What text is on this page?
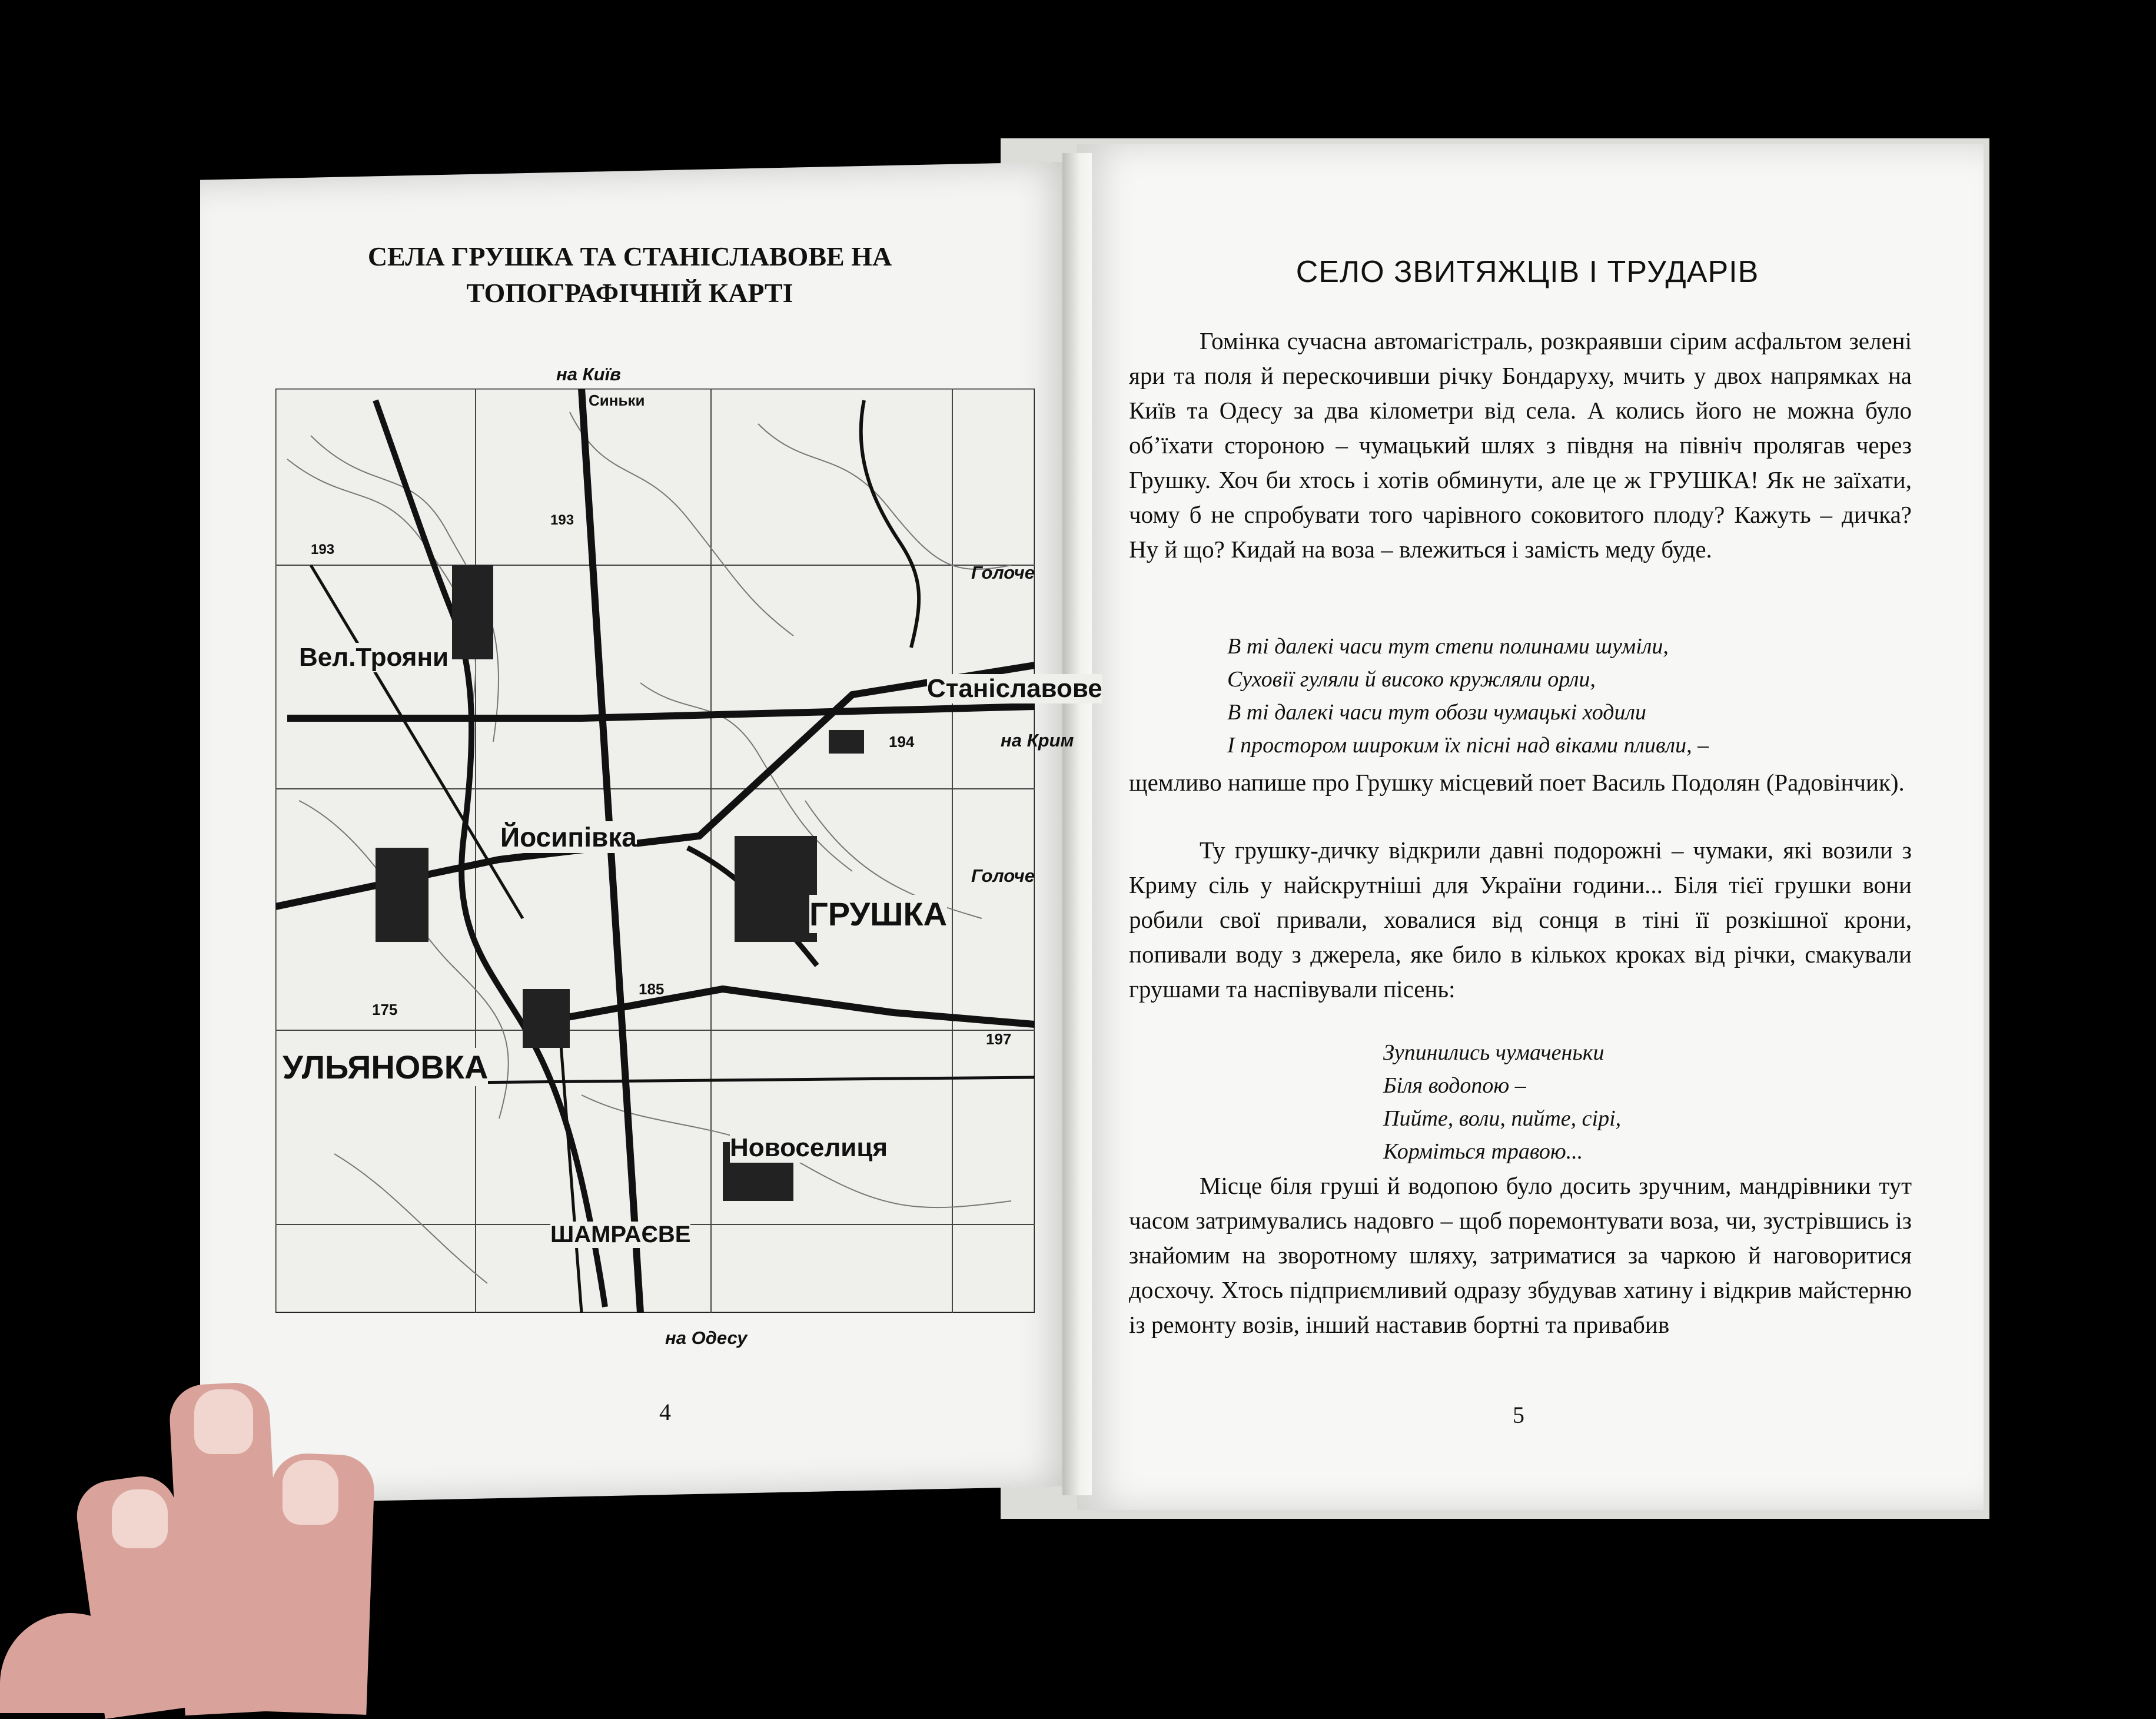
СЕЛА ГРУШКА ТА СТАНІСЛАВОВЕ НА ТОПОГРАФІЧНІЙ КАРТІ
на Київ
Синьки
Голоче
Вел.Трояни
Станіславове
на Крим
Йосипівка
Голоче
ГРУШКА
УЛЬЯНОВКА
Новоселиця
ШАМРАЄВЕ
193
193
194
185
175
197
на Одесу
4
СЕЛО ЗВИТЯЖЦІВ І ТРУДАРІВ
Гомінка сучасна автомагістраль, розкраявши сірим асфальтом зелені яри та поля й перескочивши річку Бондаруху, мчить у двох напрямках на Київ та Одесу за два кілометри від села. А колись його не можна було об’їхати стороною – чумацький шлях з півдня на північ пролягав через Грушку. Хоч би хтось і хотів обминути, але це ж ГРУШКА! Як не заїхати, чому б не спробувати того чарівного соковитого плоду? Кажуть – дичка? Ну й що? Кидай на воза – влежиться і замість меду буде.
В ті далекі часи тут степи полинами шуміли,
Суховії гуляли й високо кружляли орли,
В ті далекі часи тут обози чумацькі ходили
І простором широким їх пісні над віками пливли, –
щемливо напише про Грушку місцевий поет Василь Подолян (Радовінчик).
Ту грушку-дичку відкрили давні подорожні – чумаки, які возили з Криму сіль у найскрутніші для України години... Біля тієї грушки вони робили свої привали, ховалися від сонця в тіні її розкішної крони, попивали воду з джерела, яке било в кількох кроках від річки, смакували грушами та наспівували пісень:
Зупинились чумаченьки
Біля водопою –
Пийте, воли, пийте, сірі,
Корміться травою...
Місце біля груші й водопою було досить зручним, мандрівники тут часом затримувались надовго – щоб поремонтувати воза, чи, зустрівшись із знайомим на зворотному шляху, затриматися за чаркою й наговоритися досхочу. Хтось підприємливий одразу збудував хатину і відкрив майстерню із ремонту возів, інший наставив бортні та привабив
5
